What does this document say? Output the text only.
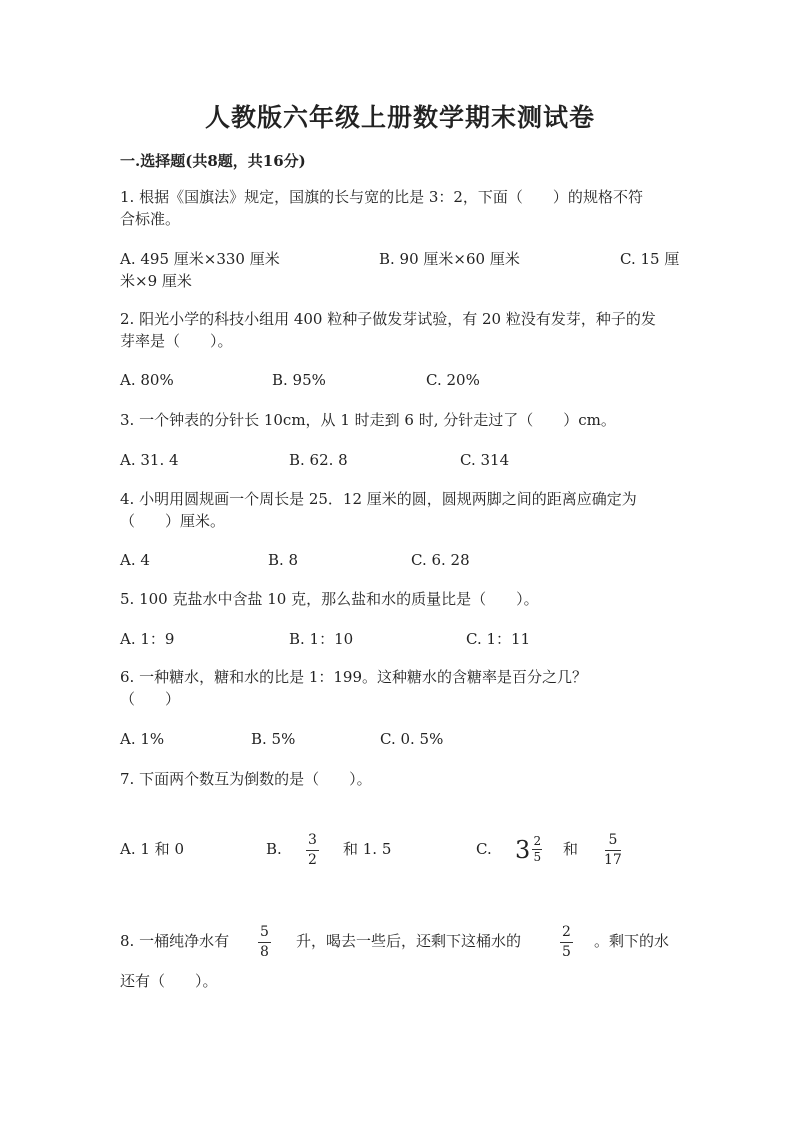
人教版六年级上册数学期末测试卷
一.选择题(共8题，共16分)
1. 根据《国旗法》规定，国旗的长与宽的比是 3：2，下面（　　）的规格不符
合标准。
A. 495 厘米×330 厘米	B. 90 厘米×60 厘米	C. 15 厘
米×9 厘米
2. 阳光小学的科技小组用 400 粒种子做发芽试验，有 20 粒没有发芽，种子的发
芽率是（　　）。
A. 80%	B. 95%	C. 20%
3. 一个钟表的分针长 10cm，从 1 时走到 6 时, 分针走过了（　　）cm。
A. 31. 4	B. 62. 8	C. 314
4. 小明用圆规画一个周长是 25．12 厘米的圆，圆规两脚之间的距离应确定为
（　　）厘米。
A. 4	B. 8	C. 6. 28
5. 100 克盐水中含盐 10 克，那么盐和水的质量比是（　　）。
A. 1：9	B. 1：10	C. 1：11
6. 一种糖水，糖和水的比是 1：199。这种糖水的含糖率是百分之几？
（　　）
A. 1%	B. 5%	C. 0. 5%
7. 下面两个数互为倒数的是（　　）。
A. 1 和 0	B. 3
2
和 1. 5	C. $3 \frac{2}{5}$ 和 5
17
8. 一桶纯净水有 5
8
升，喝去一些后，还剩下这桶水的	2
5
。剩下的水
还有（　　）。
